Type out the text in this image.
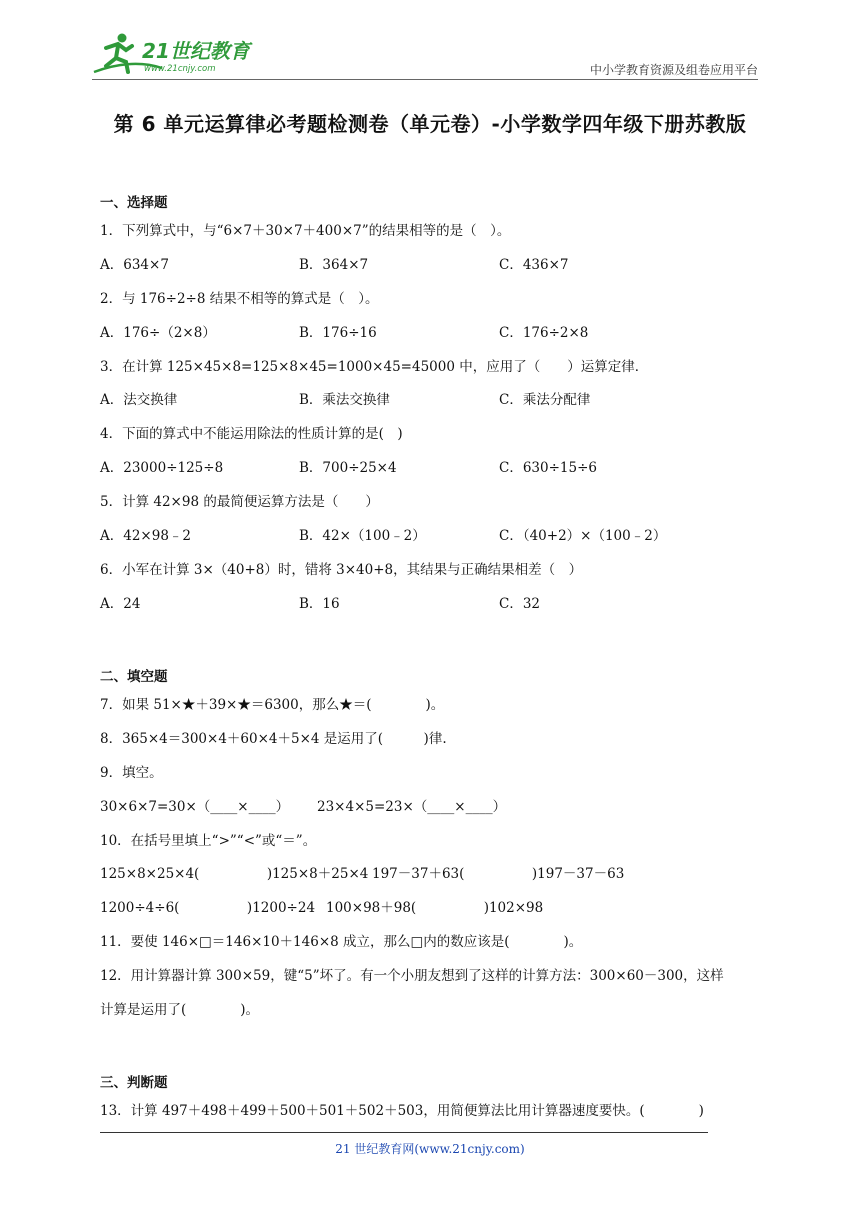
21世纪教育
www.21cnjy.com	中小学教育资源及组卷应用平台
第 6 单元运算律必考题检测卷（单元卷）-小学数学四年级下册苏教版
一、选择题
1．下列算式中，与“6×7＋30×7＋400×7”的结果相等的是（　）。
A．634×7	B．364×7	C．436×7
2．与 176÷2÷8 结果不相等的算式是（　）。
A．176÷（2×8）	B．176÷16	C．176÷2×8
3．在计算 125×45×8=125×8×45=1000×45=45000 中，应用了（　　）运算定律．
A．法交换律	B．乘法交换律	C．乘法分配律
4．下面的算式中不能运用除法的性质计算的是(　)
A．23000÷125÷8	B．700÷25×4	C．630÷15÷6
5．计算 42×98 的最简便运算方法是（　　）
A．42×98﹣2	B．42×（100﹣2）	C．（40+2）×（100﹣2）
6．小军在计算 3×（40+8）时，错将 3×40+8，其结果与正确结果相差（　）
A．24	B．16	C．32
二、填空题
7．如果 51×★＋39×★＝6300，那么★＝(　　　　)。
8．365×4＝300×4＋60×4＋5×4 是运用了(　　　)律.
9．填空。
30×6×7=30×（____×____） 23×4×5=23×（____×____）
10．在括号里填上“>”“<”或“＝”。
125×8×25×4(　　　　　)125×8＋25×4 197－37＋63(　　　　　)197－37－63
1200÷4÷6(　　　　　)1200÷24 100×98＋98(　　　　　)102×98
11．要使 146×□＝146×10＋146×8 成立，那么□内的数应该是(　　　　)。
12．用计算器计算 300×59，键“5”坏了。有一个小朋友想到了这样的计算方法：300×60－300，这样
计算是运用了(　　　　)。
三、判断题
13．计算 497＋498＋499＋500＋501＋502＋503，用简便算法比用计算器速度要快。(　　　　)
21 世纪教育网(www.21cnjy.com)
